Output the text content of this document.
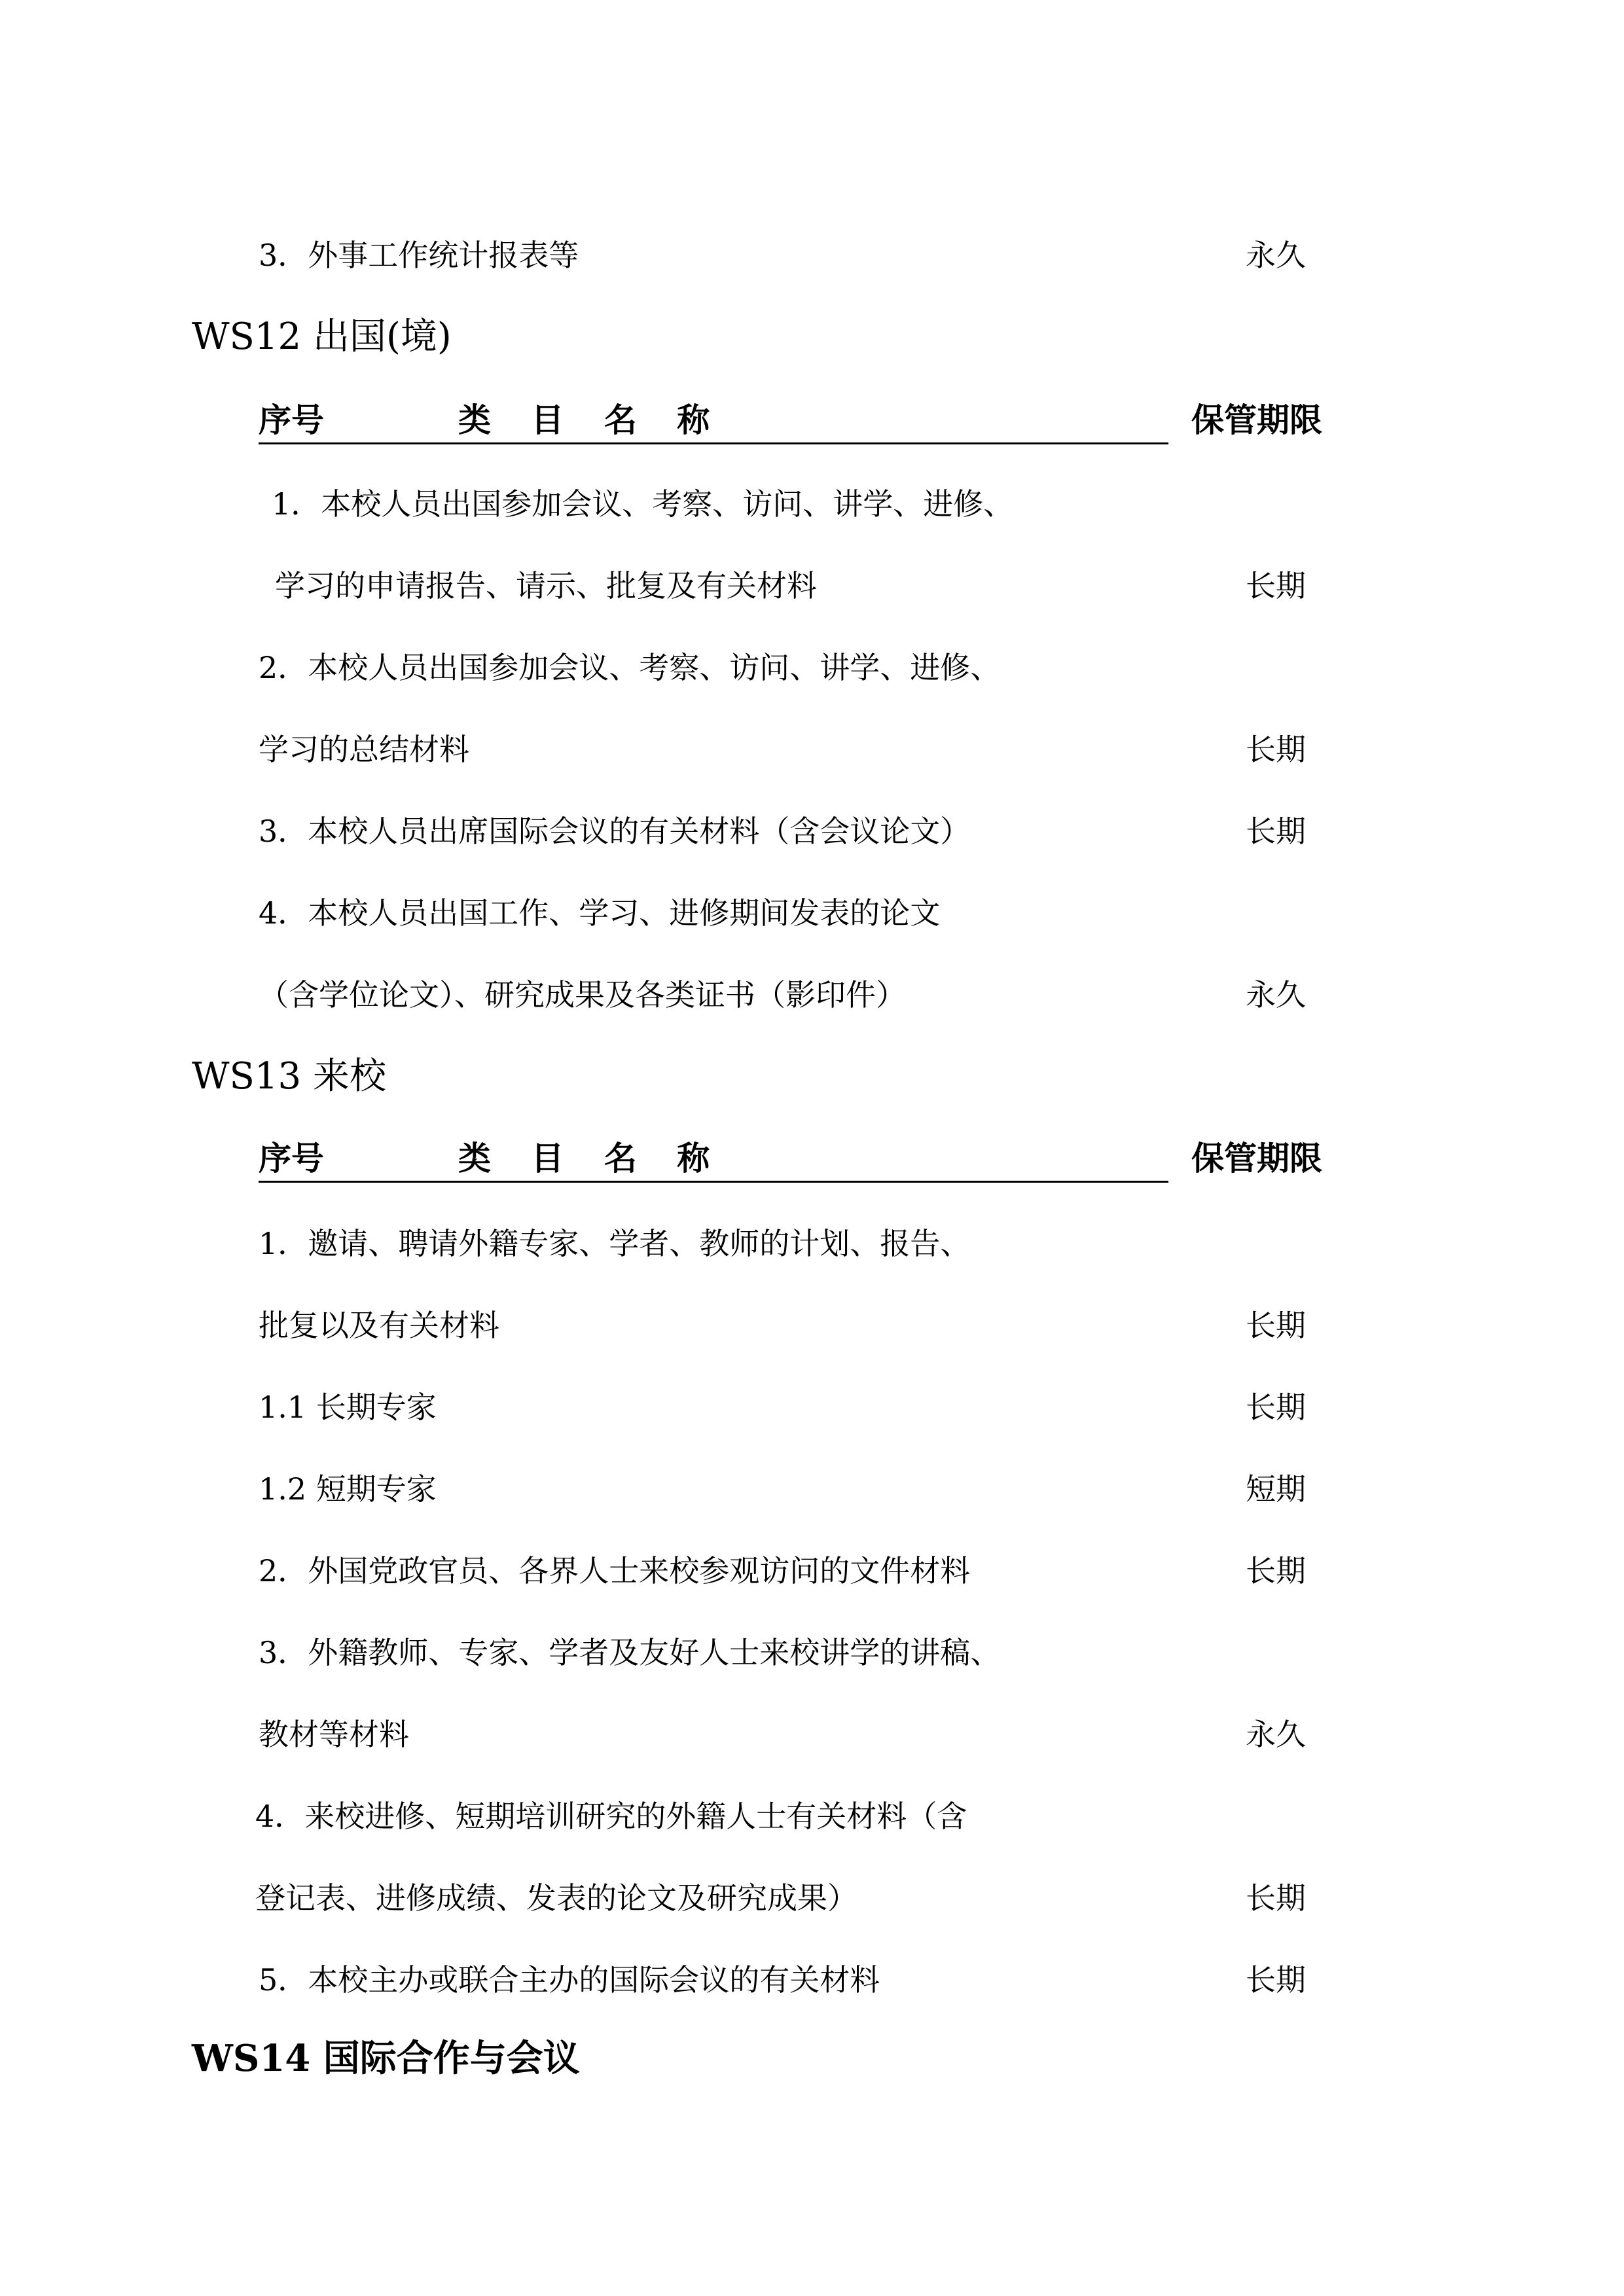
3．外事工作统计报表等	永久
WS12 出国(境)
序号	类 目 名 称	保管期限
1．本校人员出国参加会议、考察、访问、讲学、进修、
学习的申请报告、请示、批复及有关材料	长期
2．本校人员出国参加会议、考察、访问、讲学、进修、
学习的总结材料	长期
3．本校人员出席国际会议的有关材料（含会议论文）	长期
4．本校人员出国工作、学习、进修期间发表的论文
（含学位论文）、研究成果及各类证书（影印件）	永久
WS13 来校
序号	类 目 名 称	保管期限
1．邀请、聘请外籍专家、学者、教师的计划、报告、
批复以及有关材料	长期
1.1 长期专家	长期
1.2 短期专家	短期
2．外国党政官员、各界人士来校参观访问的文件材料	长期
3．外籍教师、专家、学者及友好人士来校讲学的讲稿、
教材等材料	永久
4．来校进修、短期培训研究的外籍人士有关材料（含
登记表、进修成绩、发表的论文及研究成果）	长期
5．本校主办或联合主办的国际会议的有关材料	长期
WS14 国际合作与会议
